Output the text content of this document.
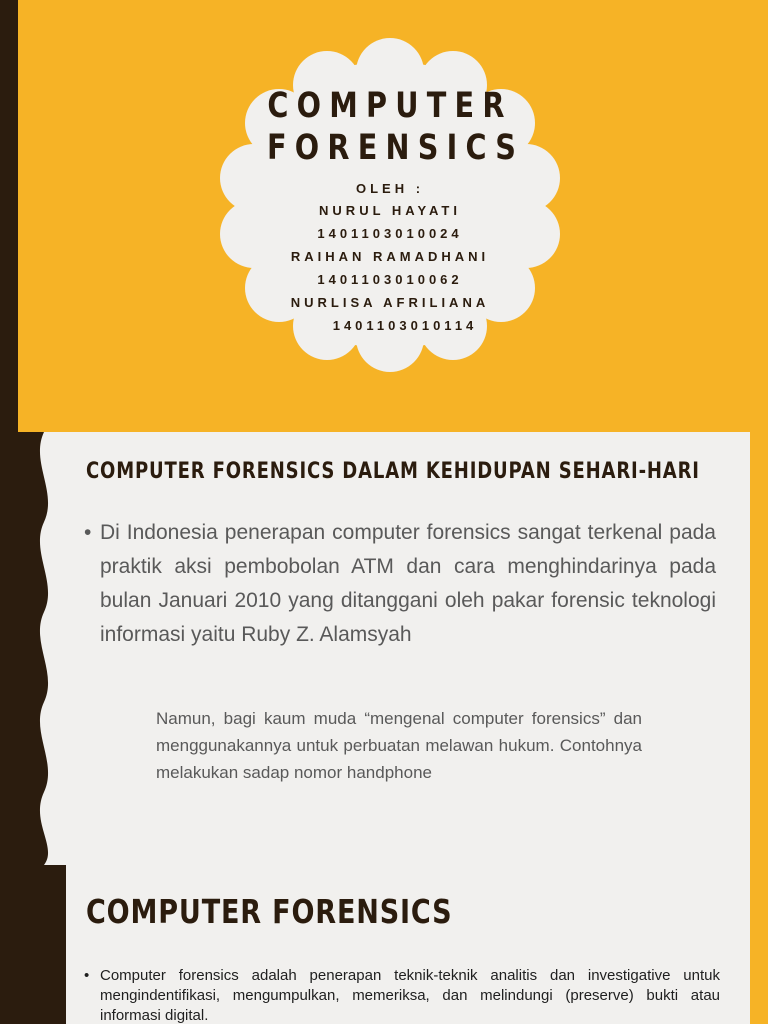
COMPUTER
FORENSICS
OLEH :
NURUL HAYATI
1401103010024
RAIHAN RAMADHANI
1401103010062
NURLISA AFRILIANA
1401103010114
COMPUTER FORENSICS DALAM KEHIDUPAN SEHARI-HARI
• Di Indonesia penerapan computer forensics sangat terkenal pada praktik aksi pembobolan ATM dan cara menghindarinya pada bulan Januari 2010 yang ditanggani oleh pakar forensic teknologi informasi yaitu Ruby Z. Alamsyah
Namun, bagi kaum muda “mengenal computer forensics” dan menggunakannya untuk perbuatan melawan hukum. Contohnya melakukan sadap nomor handphone
COMPUTER FORENSICS
• Computer forensics adalah penerapan teknik-teknik analitis dan investigative untuk mengindentifikasi, mengumpulkan, memeriksa, dan melindungi (preserve) bukti atau informasi digital.
